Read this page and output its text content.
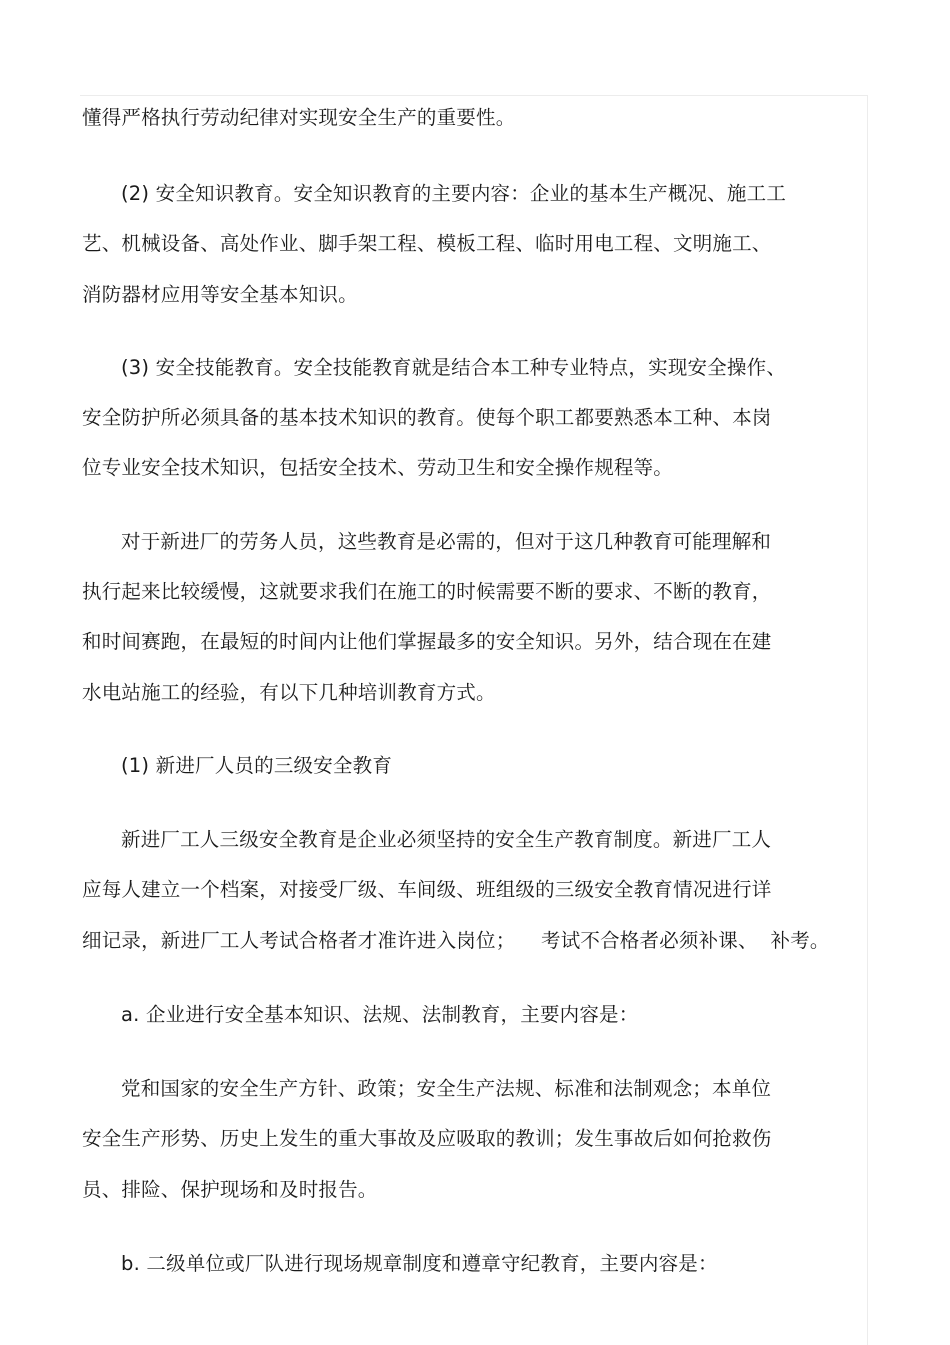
懂得严格执行劳动纪律对实现安全生产的重要性。
(2) 安全知识教育。安全知识教育的主要内容：企业的基本生产概况、施工工
艺、机械设备、高处作业、脚手架工程、模板工程、临时用电工程、文明施工、
消防器材应用等安全基本知识。
(3) 安全技能教育。安全技能教育就是结合本工种专业特点，实现安全操作、
安全防护所必须具备的基本技术知识的教育。使每个职工都要熟悉本工种、本岗
位专业安全技术知识，包括安全技术、劳动卫生和安全操作规程等。
对于新进厂的劳务人员，这些教育是必需的，但对于这几种教育可能理解和
执行起来比较缓慢，这就要求我们在施工的时候需要不断的要求、不断的教育，
和时间赛跑，在最短的时间内让他们掌握最多的安全知识。另外，结合现在在建
水电站施工的经验，有以下几种培训教育方式。
(1) 新进厂人员的三级安全教育
新进厂工人三级安全教育是企业必须坚持的安全生产教育制度。新进厂工人
应每人建立一个档案，对接受厂级、车间级、班组级的三级安全教育情况进行详
细记录，新进厂工人考试合格者才准许进入岗位；    考试不合格者必须补课、  补考。
a. 企业进行安全基本知识、法规、法制教育，主要内容是：
党和国家的安全生产方针、政策；安全生产法规、标准和法制观念；本单位
安全生产形势、历史上发生的重大事故及应吸取的教训；发生事故后如何抢救伤
员、排险、保护现场和及时报告。
b. 二级单位或厂队进行现场规章制度和遵章守纪教育，主要内容是：
